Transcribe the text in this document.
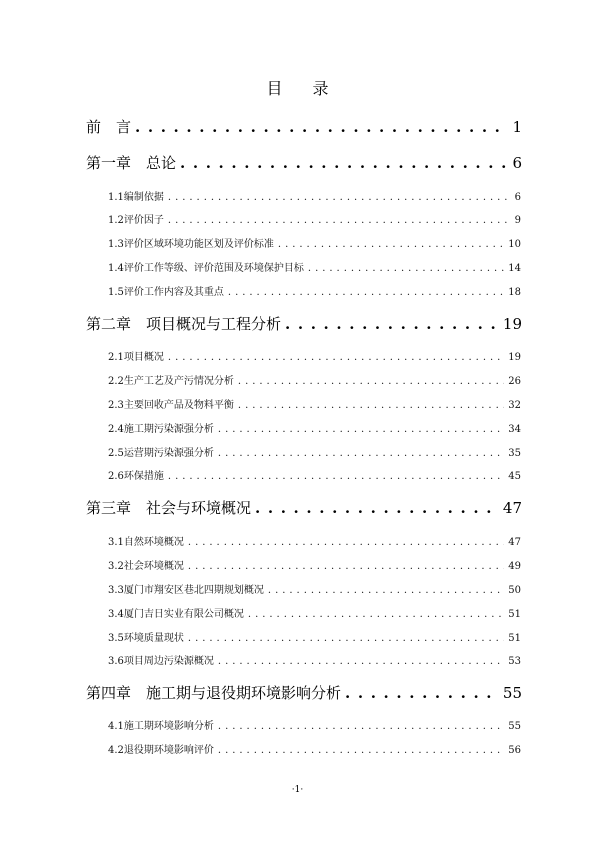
目 录
前　言 . . .	1
第一章　总论 . . .	6
1.1编制依据 . . .	6
1.2评价因子 . . .	9
1.3评价区域环境功能区划及评价标准 . . .	10
1.4评价工作等级、评价范围及环境保护目标 . . .	14
1.5评价工作内容及其重点 . . .	18
第二章　项目概况与工程分析 . . .	19
2.1项目概况 . . .	19
2.2生产工艺及产污情况分析 . . .	26
2.3主要回收产品及物料平衡 . . .	32
2.4施工期污染源强分析 . . .	34
2.5运营期污染源强分析 . . .	35
2.6环保措施 . . .	45
第三章　社会与环境概况 . . .	47
3.1自然环境概况 . . .	47
3.2社会环境概况 . . .	49
3.3厦门市翔安区巷北四期规划概况 . . .	50
3.4厦门吉日实业有限公司概况 . . .	51
3.5环境质量现状 . . .	51
3.6项目周边污染源概况 . . .	53
第四章　施工期与退役期环境影响分析 . . .	55
4.1施工期环境影响分析 . . .	55
4.2退役期环境影响评价 . . .	56
·1·
